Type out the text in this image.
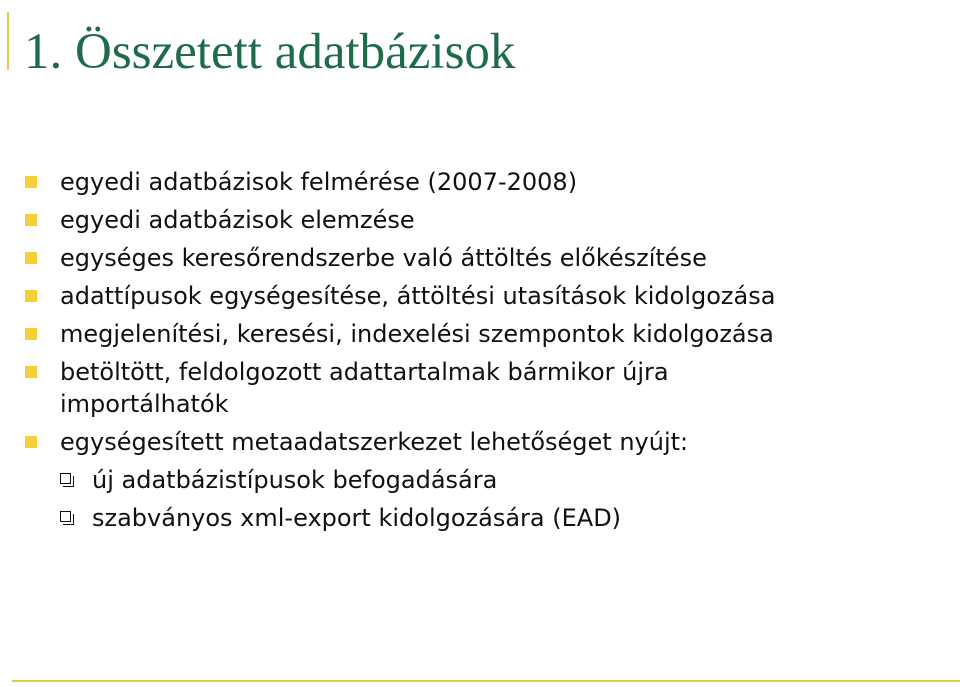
1. Összetett adatbázisok
egyedi adatbázisok felmérése (2007-2008)
egyedi adatbázisok elemzése
egységes keresőrendszerbe való áttöltés előkészítése
adattípusok egységesítése, áttöltési utasítások kidolgozása
megjelenítési, keresési, indexelési szempontok kidolgozása
betöltött, feldolgozott adattartalmak bármikor újra importálhatók
egységesített metaadatszerkezet lehetőséget nyújt:
új adatbázistípusok befogadására
szabványos xml-export kidolgozására (EAD)
